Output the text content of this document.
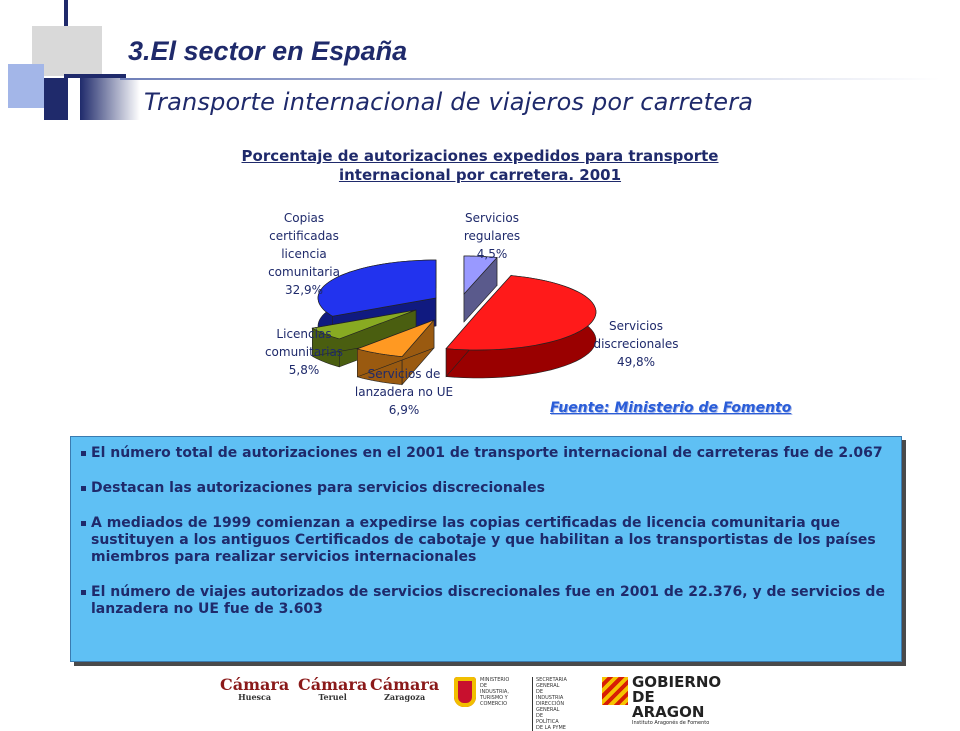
3.El sector en España
Transporte internacional de viajeros por carretera
Porcentaje de autorizaciones expedidos para transporte
internacional por carretera. 2001
Servicios regulares 4,5%
Servicios discrecionales 49,8%
Servicios de lanzadera no UE 6,9%
Licencias comunitarias 5,8%
Copias certificadas licencia comunitaria 32,9%
Fuente: Ministerio de Fomento
El número total de autorizaciones en el 2001 de transporte internacional de carreteras fue de 2.067
Destacan las autorizaciones para servicios discrecionales
A mediados de 1999 comienzan a expedirse las copias certificadas de licencia comunitaria que sustituyen a los antiguos Certificados de cabotaje y que habilitan a los transportistas de los países miembros para realizar servicios internacionales
El número de viajes autorizados de servicios discrecionales fue en 2001 de 22.376, y de servicios de lanzadera no UE fue de 3.603
Cámara
Huesca
Cámara
Teruel
Cámara
Zaragoza
MINISTERIO
DE INDUSTRIA,
TURISMO Y
COMERCIO
SECRETARIA GENERAL DE
INDUSTRIA
DIRECCIÓN GENERAL DE
POLÍTICA DE LA PYME
GOBIERNO
DE ARAGON
Instituto Aragonés de Fomento
